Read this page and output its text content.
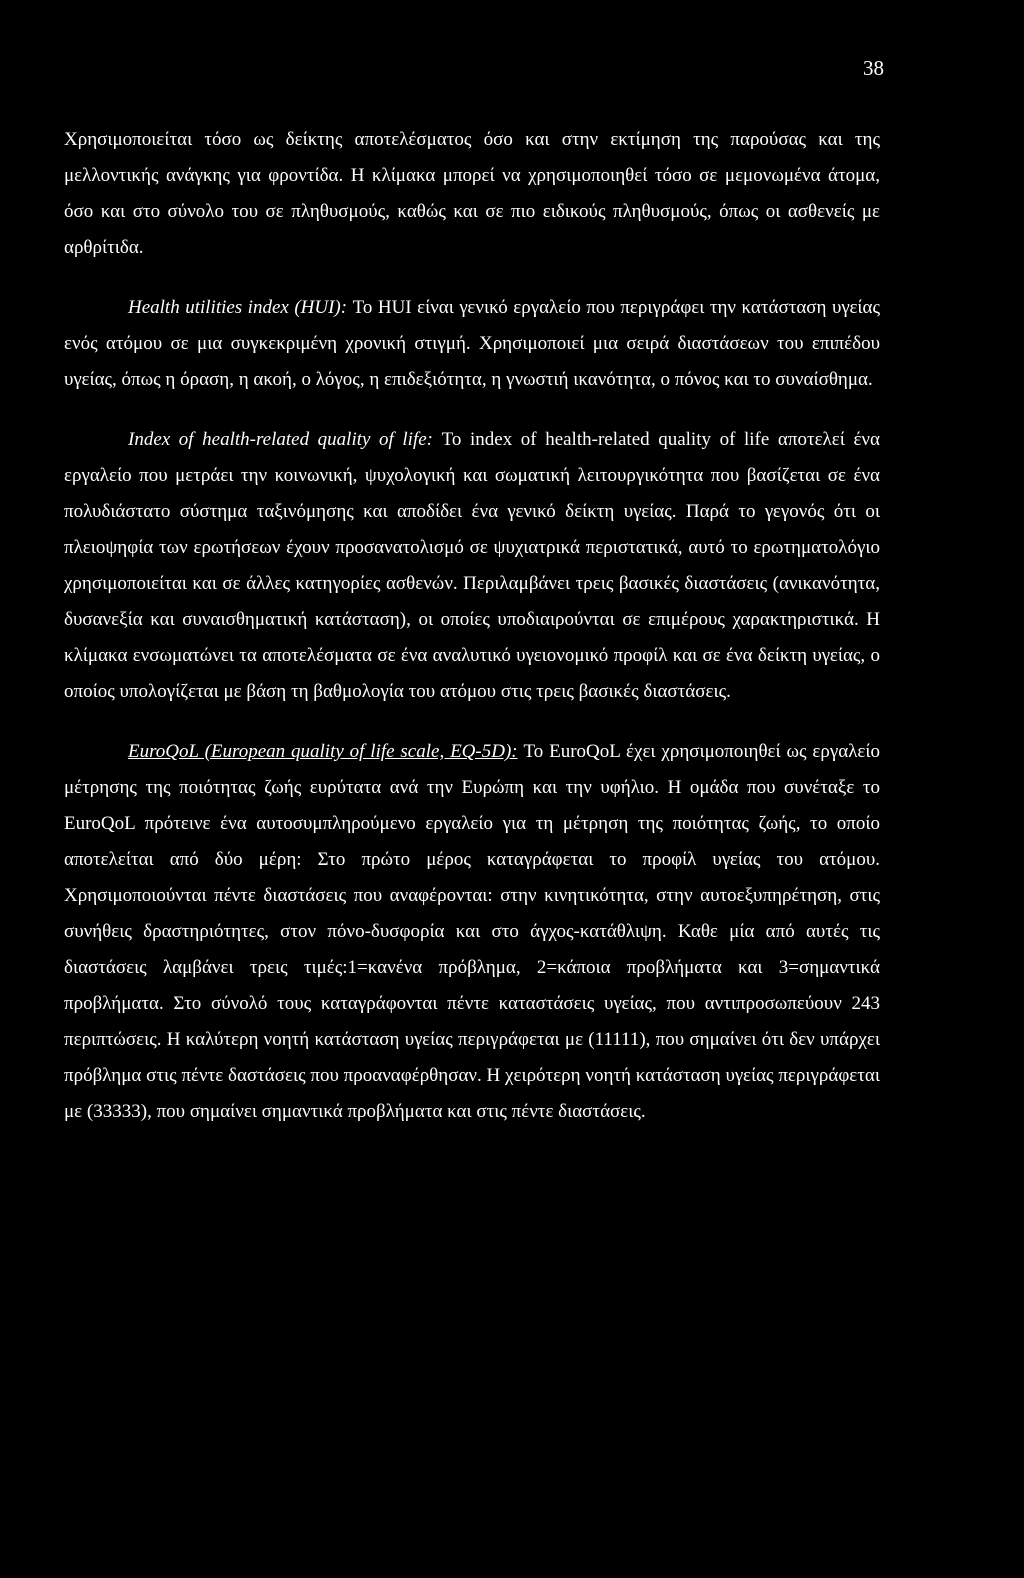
38

Χρησιμοποιείται τόσο ως δείκτης αποτελέσματος όσο και στην εκτίμηση της παρούσας και της μελλοντικής ανάγκης για φροντίδα. Η κλίμακα μπορεί να χρησιμοποιηθεί τόσο σε μεμονωμένα άτομα, όσο και στο σύνολο του σε πληθυσμούς, καθώς και σε πιο ειδικούς πληθυσμούς, όπως οι ασθενείς με αρθρίτιδα.

Health utilities index (HUI): Το HUI είναι γενικό εργαλείο που περιγράφει την κατάσταση υγείας ενός ατόμου σε μια συγκεκριμένη χρονική στιγμή. Χρησιμοποιεί μια σειρά διαστάσεων του επιπέδου υγείας, όπως η όραση, η ακοή, ο λόγος, η επιδεξιότητα, η γνωστιή ικανότητα, ο πόνος και το συναίσθημα.

Index of health-related quality of life: Το index of health-related quality of life αποτελεί ένα εργαλείο που μετράει την κοινωνική, ψυχολογική και σωματική λειτουργικότητα που βασίζεται σε ένα πολυδιάστατο σύστημα ταξινόμησης και αποδίδει ένα γενικό δείκτη υγείας. Παρά το γεγονός ότι οι πλειοψηφία των ερωτήσεων έχουν προσανατολισμό σε ψυχιατρικά περιστατικά, αυτό το ερωτηματολόγιο χρησιμοποιείται και σε άλλες κατηγορίες ασθενών. Περιλαμβάνει τρεις βασικές διαστάσεις (ανικανότητα, δυσανεξία και συναισθηματική κατάσταση), οι οποίες υποδιαιρούνται σε επιμέρους χαρακτηριστικά. Η κλίμακα ενσωματώνει τα αποτελέσματα σε ένα αναλυτικό υγειονομικό προφίλ και σε ένα δείκτη υγείας, ο οποίος υπολογίζεται με βάση τη βαθμολογία του ατόμου στις τρεις βασικές διαστάσεις.

EuroQoL (European quality of life scale, EQ-5D): Το EuroQoL έχει χρησιμοποιηθεί ως εργαλείο μέτρησης της ποιότητας ζωής ευρύτατα ανά την Ευρώπη και την υφήλιο. Η ομάδα που συνέταξε το EuroQoL πρότεινε ένα αυτοσυμπληρούμενο εργαλείο για τη μέτρηση της ποιότητας ζωής, το οποίο αποτελείται από δύο μέρη: Στο πρώτο μέρος καταγράφεται το προφίλ υγείας του ατόμου. Χρησιμοποιούνται πέντε διαστάσεις που αναφέρονται: στην κινητικότητα, στην αυτοεξυπηρέτηση, στις συνήθεις δραστηριότητες, στον πόνο-δυσφορία και στο άγχος-κατάθλιψη. Καθε μία από αυτές τις διαστάσεις λαμβάνει τρεις τιμές:1=κανένα πρόβλημα, 2=κάποια προβλήματα και 3=σημαντικά προβλήματα. Στο σύνολό τους καταγράφονται πέντε καταστάσεις υγείας, που αντιπροσωπεύουν 243 περιπτώσεις. Η καλύτερη νοητή κατάσταση υγείας περιγράφεται με (11111), που σημαίνει ότι δεν υπάρχει πρόβλημα στις πέντε δαστάσεις που προαναφέρθησαν. Η χειρότερη νοητή κατάσταση υγείας περιγράφεται με (33333), που σημαίνει σημαντικά προβλήματα και στις πέντε διαστάσεις.
